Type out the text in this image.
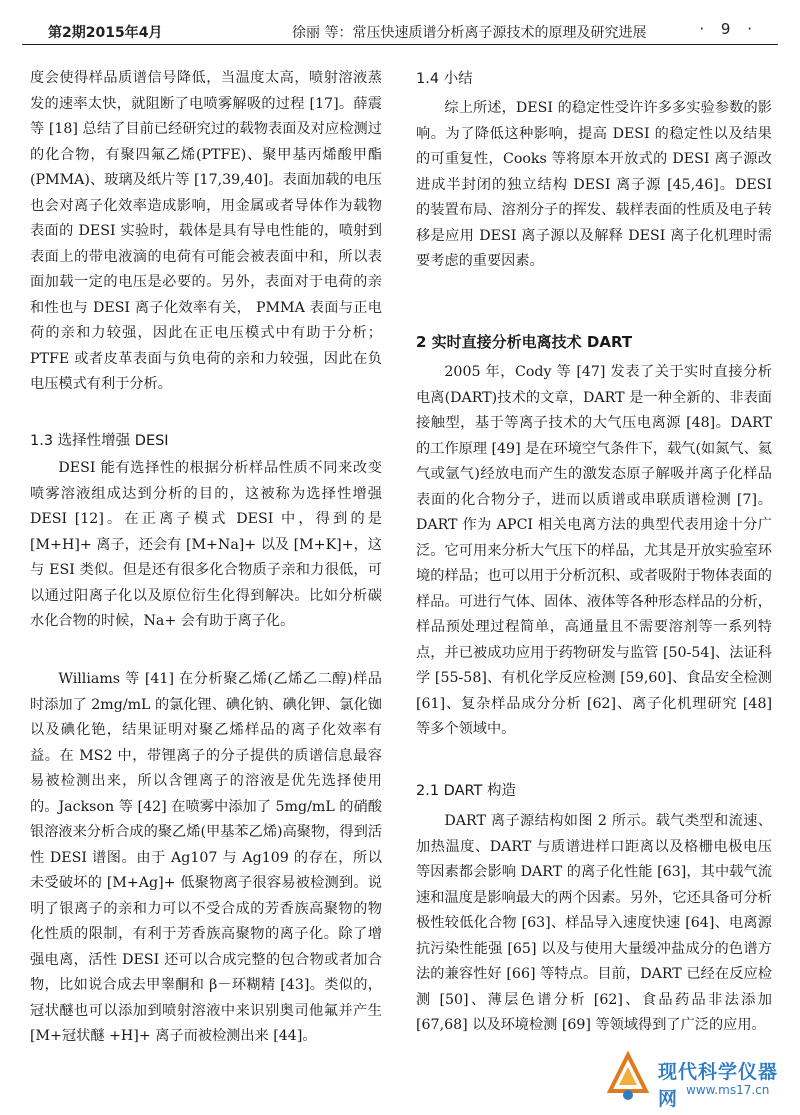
第2期2015年4月	徐丽 等：常压快速质谱分析离子源技术的原理及研究进展	· 9 ·

度会使得样品质谱信号降低，当温度太高，喷射溶液蒸发的速率太快，就阻断了电喷雾解吸的过程 [17]。薛震等 [18] 总结了目前已经研究过的载物表面及对应检测过的化合物，有聚四氟乙烯(PTFE)、聚甲基丙烯酸甲酯(PMMA)、玻璃及纸片等 [17,39,40]。表面加载的电压也会对离子化效率造成影响，用金属或者导体作为载物表面的 DESI 实验时，载体是具有导电性能的，喷射到表面上的带电液滴的电荷有可能会被表面中和，所以表面加载一定的电压是必要的。另外，表面对于电荷的亲和性也与 DESI 离子化效率有关， PMMA 表面与正电荷的亲和力较强，因此在正电压模式中有助于分析；PTFE 或者皮革表面与负电荷的亲和力较强，因此在负电压模式有利于分析。

1.3 选择性增强 DESI

DESI 能有选择性的根据分析样品性质不同来改变喷雾溶液组成达到分析的目的，这被称为选择性增强 DESI [12]。在正离子模式 DESI 中，得到的是 [M+H]+ 离子，还会有 [M+Na]+ 以及 [M+K]+，这与 ESI 类似。但是还有很多化合物质子亲和力很低，可以通过阳离子化以及原位衍生化得到解决。比如分析碳水化合物的时候，Na+ 会有助于离子化。

Williams 等 [41] 在分析聚乙烯(乙烯乙二醇)样品时添加了 2mg/mL 的氯化锂、碘化钠、碘化钾、氯化铷以及碘化铯，结果证明对聚乙烯样品的离子化效率有益。在 MS2 中，带锂离子的分子提供的质谱信息最容易被检测出来，所以含锂离子的溶液是优先选择使用的。Jackson 等 [42] 在喷雾中添加了 5mg/mL 的硝酸银溶液来分析合成的聚乙烯(甲基苯乙烯)高聚物，得到活性 DESI 谱图。由于 Ag107 与 Ag109 的存在，所以未受破坏的 [M+Ag]+ 低聚物离子很容易被检测到。说明了银离子的亲和力可以不受合成的芳香族高聚物的物化性质的限制，有利于芳香族高聚物的离子化。除了增强电离，活性 DESI 还可以合成完整的包合物或者加合物，比如说合成去甲睾酮和 β－环糊精 [43]。类似的，冠状醚也可以添加到喷射溶液中来识别奥司他氟并产生 [M+冠状醚 +H]+ 离子而被检测出来 [44]。

1.4 小结

综上所述，DESI 的稳定性受许许多多实验参数的影响。为了降低这种影响，提高 DESI 的稳定性以及结果的可重复性，Cooks 等将原本开放式的 DESI 离子源改进成半封闭的独立结构 DESI 离子源 [45,46]。DESI 的装置布局、溶剂分子的挥发、载样表面的性质及电子转移是应用 DESI 离子源以及解释 DESI 离子化机理时需要考虑的重要因素。

2 实时直接分析电离技术 DART

2005 年，Cody 等 [47] 发表了关于实时直接分析电离(DART)技术的文章，DART 是一种全新的、非表面接触型，基于等离子技术的大气压电离源 [48]。DART 的工作原理 [49] 是在环境空气条件下，载气(如氮气、氦气或氩气)经放电而产生的激发态原子解吸并离子化样品表面的化合物分子，进而以质谱或串联质谱检测 [7]。DART 作为 APCI 相关电离方法的典型代表用途十分广泛。它可用来分析大气压下的样品，尤其是开放实验室环境的样品；也可以用于分析沉积、或者吸附于物体表面的样品。可进行气体、固体、液体等各种形态样品的分析，样品预处理过程简单，高通量且不需要溶剂等一系列特点，并已被成功应用于药物研发与监管 [50-54]、法证科学 [55-58]、有机化学反应检测 [59,60]、食品安全检测 [61]、复杂样品成分分析 [62]、离子化机理研究 [48] 等多个领域中。

2.1 DART 构造

DART 离子源结构如图 2 所示。载气类型和流速、加热温度、DART 与质谱进样口距离以及格栅电极电压等因素都会影响 DART 的离子化性能 [63]，其中载气流速和温度是影响最大的两个因素。另外，它还具备可分析极性较低化合物 [63]、样品导入速度快速 [64]、电离源抗污染性能强 [65] 以及与使用大量缓冲盐成分的色谱方法的兼容性好 [66] 等特点。目前，DART 已经在反应检测 [50]、薄层色谱分析 [62]、食品药品非法添加 [67,68] 以及环境检测 [69] 等领域得到了广泛的应用。

现代科学仪器网 www.ms17.cn
